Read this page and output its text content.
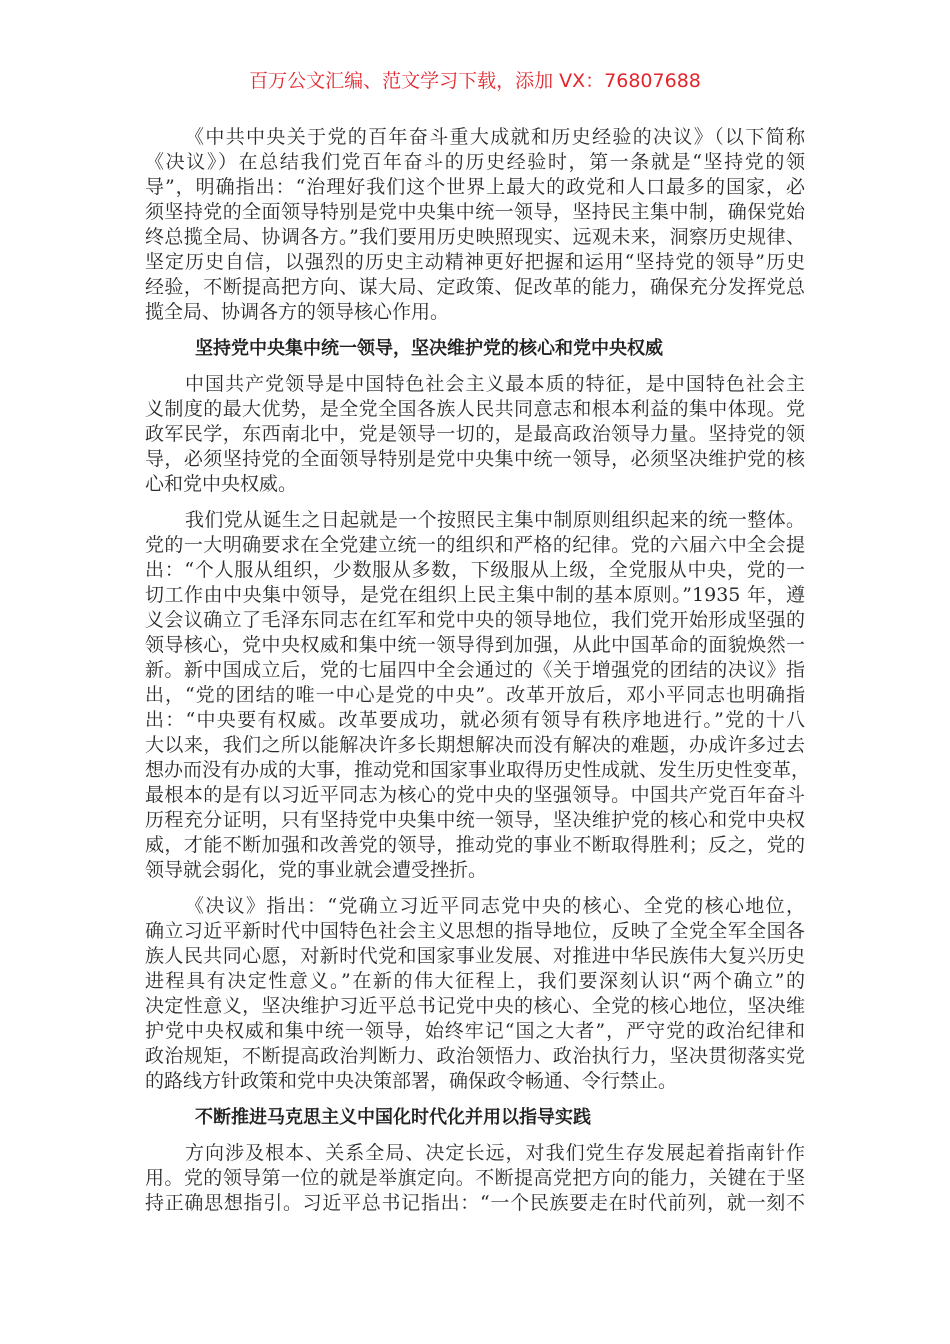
百万公文汇编、范文学习下载，添加 VX：76807688
《中共中央关于党的百年奋斗重大成就和历史经验的决议》（以下简称
《决议》）在总结我们党百年奋斗的历史经验时，第一条就是“坚持党的领
导”，明确指出：“治理好我们这个世界上最大的政党和人口最多的国家，必
须坚持党的全面领导特别是党中央集中统一领导，坚持民主集中制，确保党始
终总揽全局、协调各方。”我们要用历史映照现实、远观未来，洞察历史规律、
坚定历史自信，以强烈的历史主动精神更好把握和运用“坚持党的领导”历史
经验，不断提高把方向、谋大局、定政策、促改革的能力，确保充分发挥党总
揽全局、协调各方的领导核心作用。
坚持党中央集中统一领导，坚决维护党的核心和党中央权威
中国共产党领导是中国特色社会主义最本质的特征，是中国特色社会主
义制度的最大优势，是全党全国各族人民共同意志和根本利益的集中体现。党
政军民学，东西南北中，党是领导一切的，是最高政治领导力量。坚持党的领
导，必须坚持党的全面领导特别是党中央集中统一领导，必须坚决维护党的核
心和党中央权威。
我们党从诞生之日起就是一个按照民主集中制原则组织起来的统一整体。
党的一大明确要求在全党建立统一的组织和严格的纪律。党的六届六中全会提
出：“个人服从组织，少数服从多数，下级服从上级，全党服从中央，党的一
切工作由中央集中领导，是党在组织上民主集中制的基本原则。”1935 年，遵
义会议确立了毛泽东同志在红军和党中央的领导地位，我们党开始形成坚强的
领导核心，党中央权威和集中统一领导得到加强，从此中国革命的面貌焕然一
新。新中国成立后，党的七届四中全会通过的《关于增强党的团结的决议》指
出，“党的团结的唯一中心是党的中央”。改革开放后，邓小平同志也明确指
出：“中央要有权威。改革要成功，就必须有领导有秩序地进行。”党的十八
大以来，我们之所以能解决许多长期想解决而没有解决的难题，办成许多过去
想办而没有办成的大事，推动党和国家事业取得历史性成就、发生历史性变革，
最根本的是有以习近平同志为核心的党中央的坚强领导。中国共产党百年奋斗
历程充分证明，只有坚持党中央集中统一领导，坚决维护党的核心和党中央权
威，才能不断加强和改善党的领导，推动党的事业不断取得胜利；反之，党的
领导就会弱化，党的事业就会遭受挫折。
《决议》指出：“党确立习近平同志党中央的核心、全党的核心地位，
确立习近平新时代中国特色社会主义思想的指导地位，反映了全党全军全国各
族人民共同心愿，对新时代党和国家事业发展、对推进中华民族伟大复兴历史
进程具有决定性意义。”在新的伟大征程上，我们要深刻认识“两个确立”的
决定性意义，坚决维护习近平总书记党中央的核心、全党的核心地位，坚决维
护党中央权威和集中统一领导，始终牢记“国之大者”，严守党的政治纪律和
政治规矩，不断提高政治判断力、政治领悟力、政治执行力，坚决贯彻落实党
的路线方针政策和党中央决策部署，确保政令畅通、令行禁止。
不断推进马克思主义中国化时代化并用以指导实践
方向涉及根本、关系全局、决定长远，对我们党生存发展起着指南针作
用。党的领导第一位的就是举旗定向。不断提高党把方向的能力，关键在于坚
持正确思想指引。习近平总书记指出：“一个民族要走在时代前列，就一刻不
